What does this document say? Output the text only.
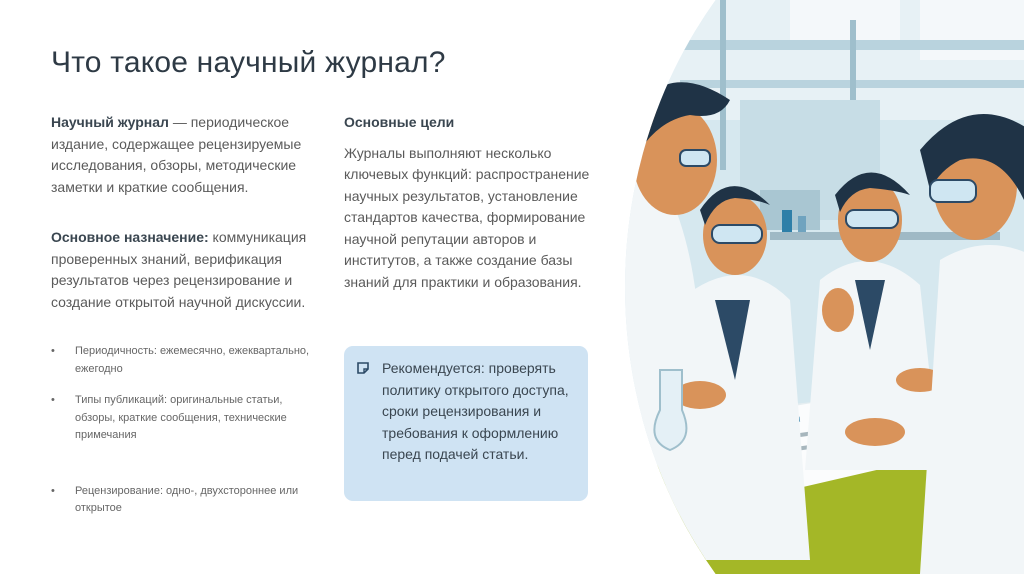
Что такое научный журнал?

Научный журнал — периодическое издание, содержащее рецензируемые исследования, обзоры, методические заметки и краткие сообщения.

Основное назначение: коммуникация проверенных знаний, верификация результатов через рецензирование и создание открытой научной дискуссии.

• Периодичность: ежемесячно, ежеквартально, ежегодно
• Типы публикаций: оригинальные статьи, обзоры, краткие сообщения, технические примечания
• Рецензирование: одно-, двухстороннее или открытое

Основные цели

Журналы выполняют несколько ключевых функций: распространение научных результатов, установление стандартов качества, формирование научной репутации авторов и институтов, а также создание базы знаний для практики и образования.

Рекомендуется: проверять политику открытого доступа, сроки рецензирования и требования к оформлению перед подачей статьи.
